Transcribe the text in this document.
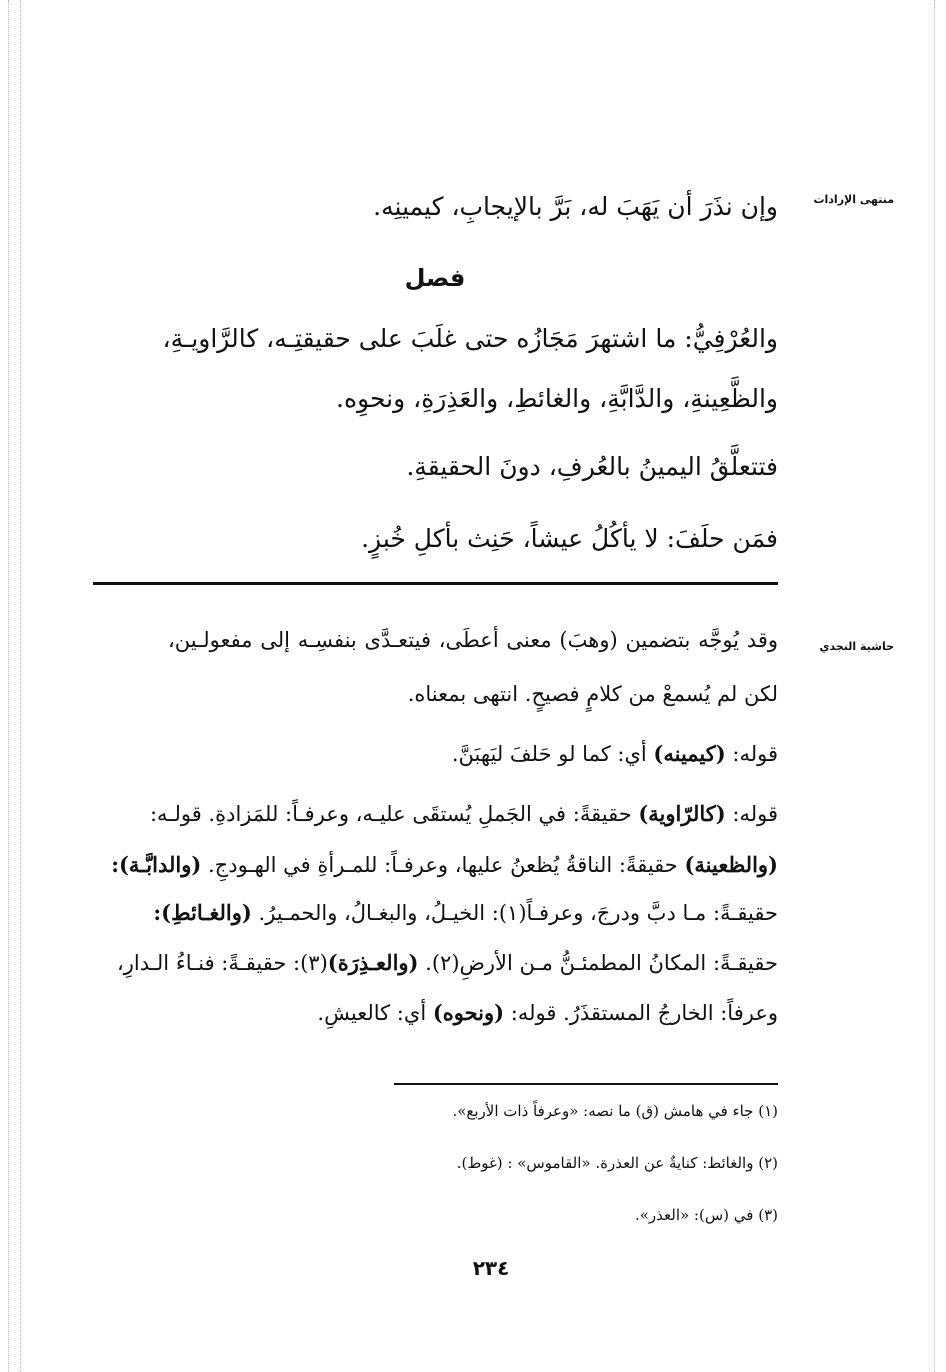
منتهى الإرادات
حاشية النجدي
وإن نذَرَ أن يَهَبَ له، بَرَّ بالإيجابِ، كيمينِه.
فصل
والعُرْفِيُّ: ما اشتهرَ مَجَازُه حتى غلَبَ على حقيقتِـه، كالرَّاويـةِ،
والظَّعِينةِ، والدَّابَّةِ، والغائطِ، والعَذِرَةِ، ونحوِه.
فتتعلَّقُ اليمينُ بالعُرفِ، دونَ الحقيقةِ.
فمَن حلَفَ: لا يأكُلُ عيشاً، حَنِث بأكلِ خُبزٍ.
وقد يُوجَّه بتضمين (وهبَ) معنى أعطَى، فيتعـدَّى بنفسِـه إلى مفعولـين،
لكن لم يُسمعْ من كلامٍ فصيحٍ. انتهى بمعناه.
قوله: (كيمينه) أي: كما لو حَلفَ ليَهبَنَّ.
قوله: (كالرّاوية) حقيقةً: في الجَملِ يُستقَى عليـه، وعرفـاً: للمَزادةِ. قولـه:
(والظعينة) حقيقةً: الناقةُ يُظعنُ عليها، وعرفـاً: للمـرأةِ في الهـودجِ. (والدابَّـة):
حقيقـةً: مـا دبَّ ودرجَ، وعرفـاً(١): الخيـلُ، والبغـالُ، والحمـيرُ. (والغـائطِ):
حقيقـةً: المكانُ المطمئـنُّ مـن الأرضِ(٢). (والعـذِرَة)(٣): حقيقـةً: فنـاءُ الـدارِ،
وعرفاً: الخارجُ المستقذَرُ. قوله: (ونحوه) أي: كالعيشِ.
(١) جاء في هامش (ق) ما نصه: «وعرفاً ذات الأربع».
(٢) والغائط: كنايةٌ عن العذرة. «القاموس» : (غوط).
(٣) في (س): «العذر».
٢٣٤
